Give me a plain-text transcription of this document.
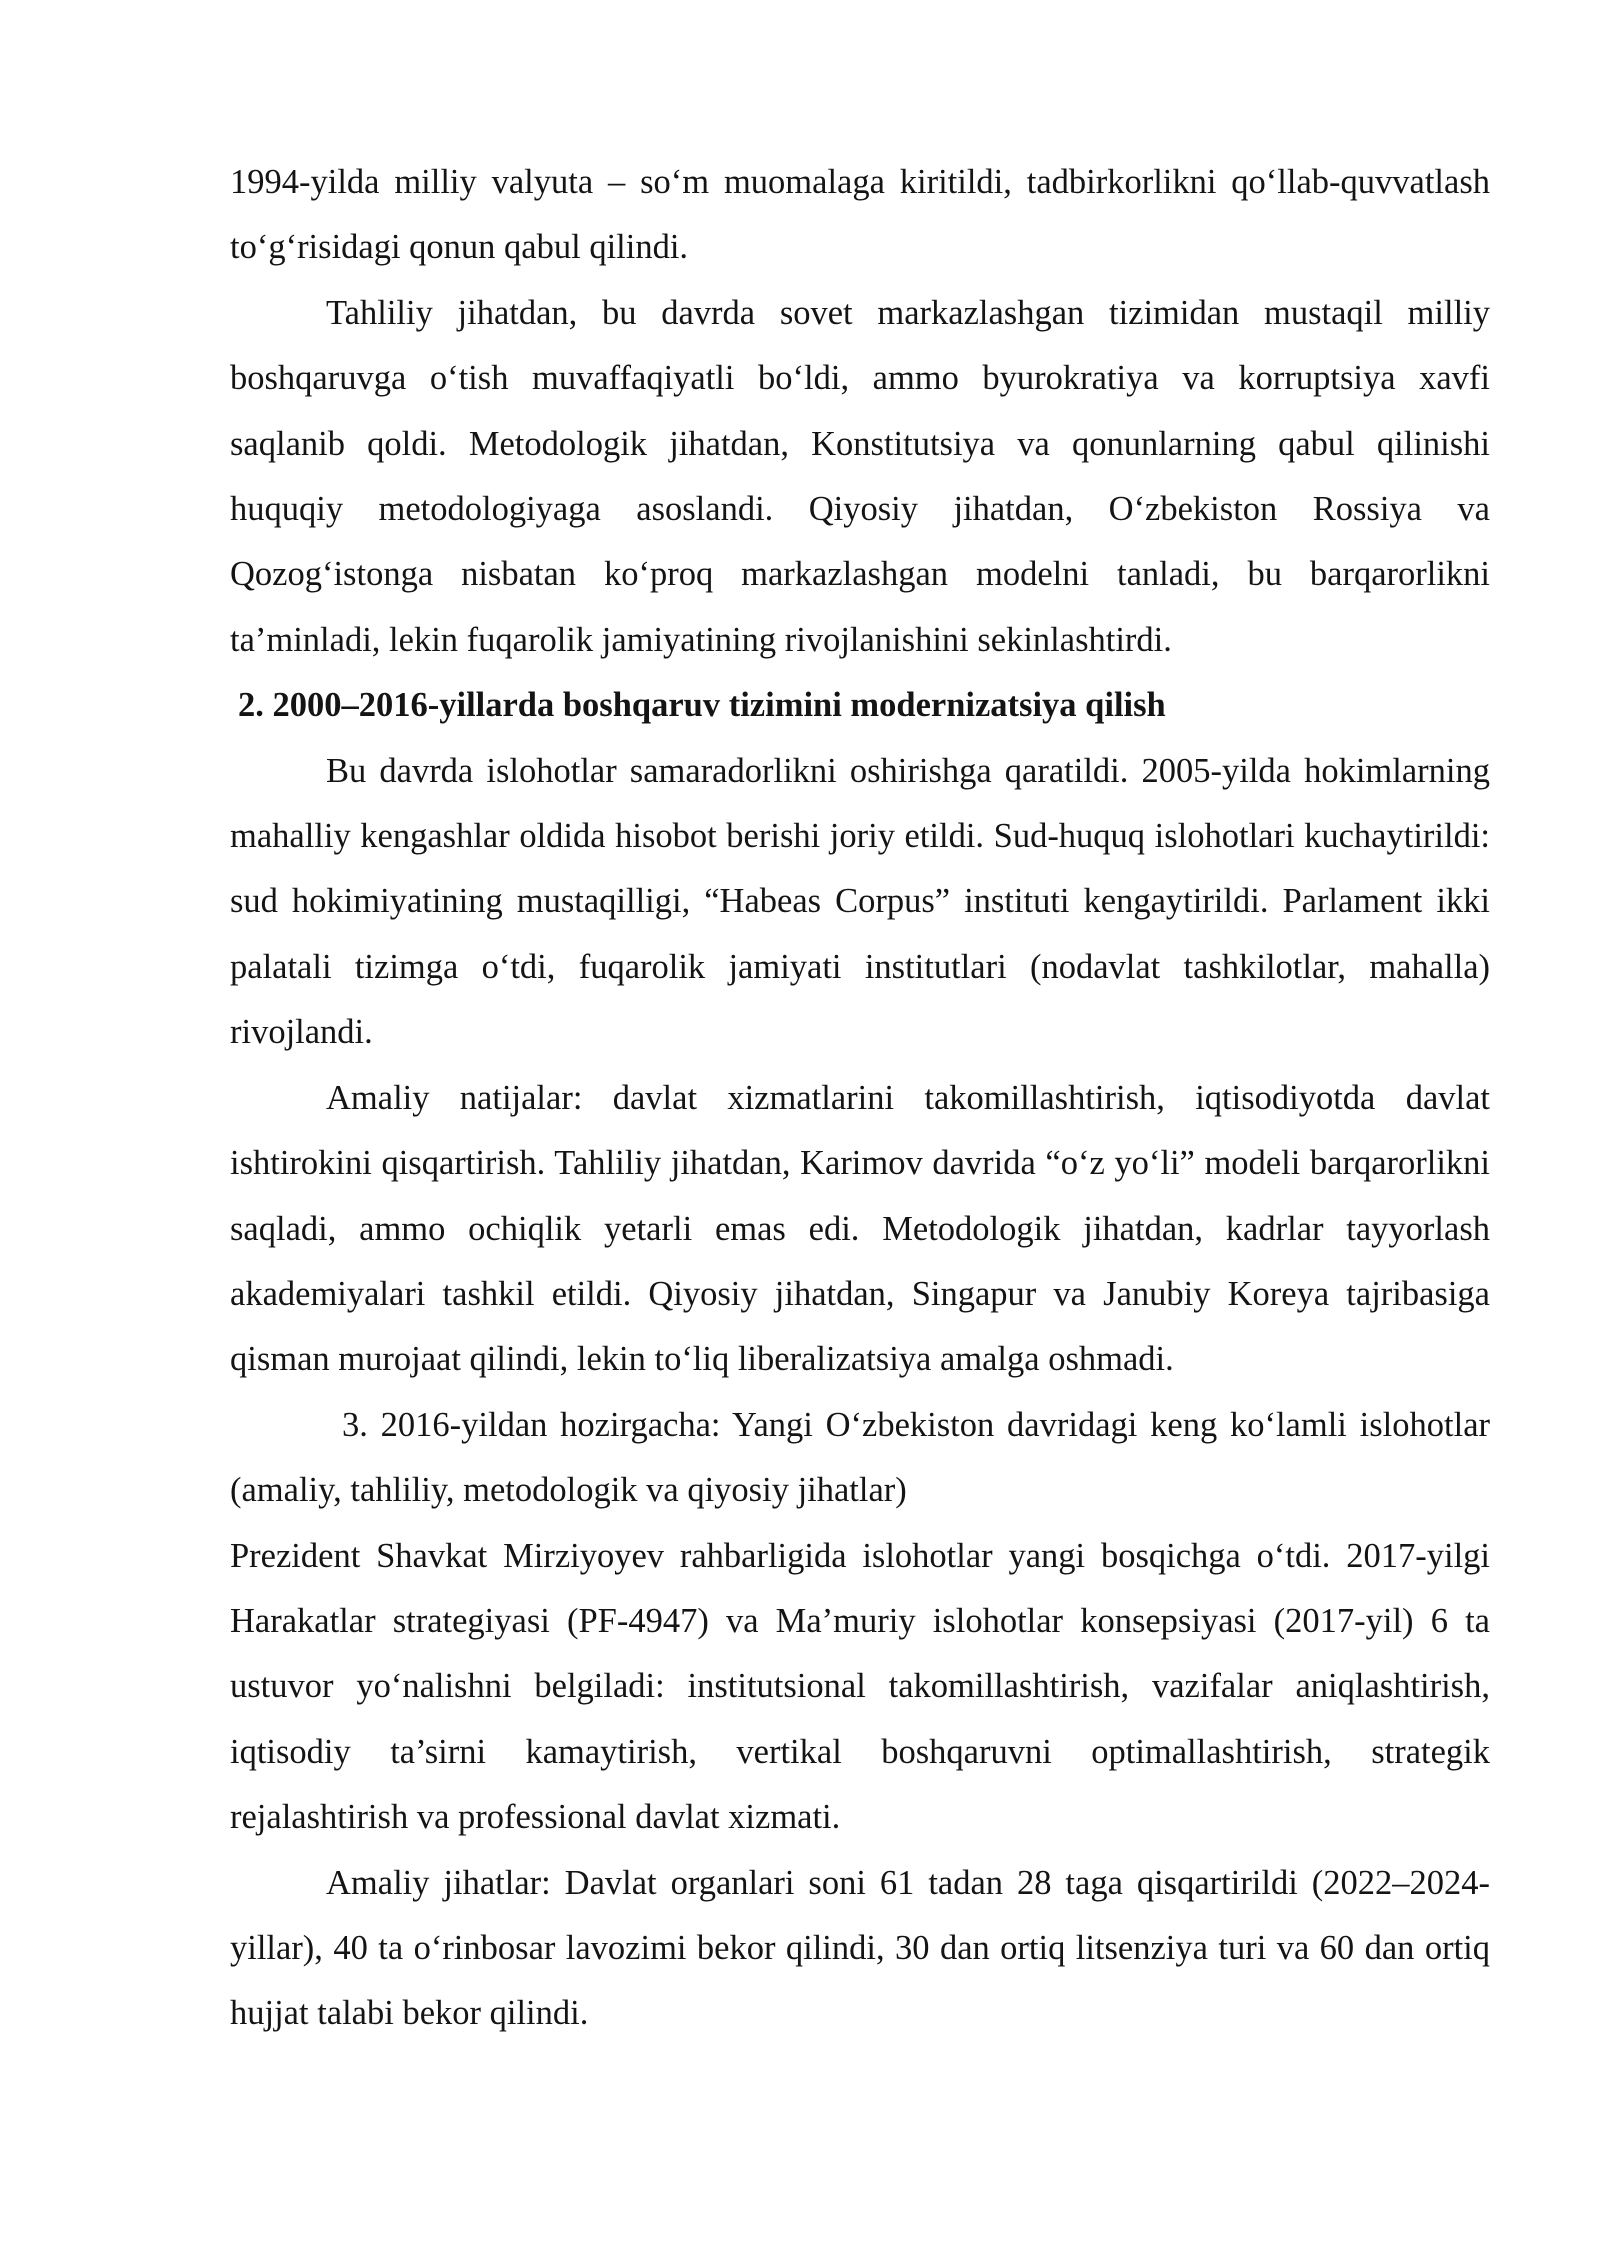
1994-yilda milliy valyuta – so‘m muomalaga kiritildi, tadbirkorlikni qo‘llab-quvvatlash to‘g‘risidagi qonun qabul qilindi.

Tahliliy jihatdan, bu davrda sovet markazlashgan tizimidan mustaqil milliy boshqaruvga o‘tish muvaffaqiyatli bo‘ldi, ammo byurokratiya va korruptsiya xavfi saqlanib qoldi. Metodologik jihatdan, Konstitutsiya va qonunlarning qabul qilinishi huquqiy metodologiyaga asoslandi. Qiyosiy jihatdan, O‘zbekiston Rossiya va Qozog‘istonga nisbatan ko‘proq markazlashgan modelni tanladi, bu barqarorlikni ta’minladi, lekin fuqarolik jamiyatining rivojlanishini sekinlashtirdi.

2. 2000–2016-yillarda boshqaruv tizimini modernizatsiya qilish

Bu davrda islohotlar samaradorlikni oshirishga qaratildi. 2005-yilda hokimlarning mahalliy kengashlar oldida hisobot berishi joriy etildi. Sud-huquq islohotlari kuchaytirildi: sud hokimiyatining mustaqilligi, “Habeas Corpus” instituti kengaytirildi. Parlament ikki palatali tizimga o‘tdi, fuqarolik jamiyati institutlari (nodavlat tashkilotlar, mahalla) rivojlandi.

Amaliy natijalar: davlat xizmatlarini takomillashtirish, iqtisodiyotda davlat ishtirokini qisqartirish. Tahliliy jihatdan, Karimov davrida “o‘z yo‘li” modeli barqarorlikni saqladi, ammo ochiqlik yetarli emas edi. Metodologik jihatdan, kadrlar tayyorlash akademiyalari tashkil etildi. Qiyosiy jihatdan, Singapur va Janubiy Koreya tajribasiga qisman murojaat qilindi, lekin to‘liq liberalizatsiya amalga oshmadi.

3. 2016-yildan hozirgacha: Yangi O‘zbekiston davridagi keng ko‘lamli islohotlar (amaliy, tahliliy, metodologik va qiyosiy jihatlar)

Prezident Shavkat Mirziyoyev rahbarligida islohotlar yangi bosqichga o‘tdi. 2017-yilgi Harakatlar strategiyasi (PF-4947) va Ma’muriy islohotlar konsepsiyasi (2017-yil) 6 ta ustuvor yo‘nalishni belgiladi: institutsional takomillashtirish, vazifalar aniqlashtirish, iqtisodiy ta’sirni kamaytirish, vertikal boshqaruvni optimallashtirish, strategik rejalashtirish va professional davlat xizmati.

Amaliy jihatlar: Davlat organlari soni 61 tadan 28 taga qisqartirildi (2022–2024-yillar), 40 ta o‘rinbosar lavozimi bekor qilindi, 30 dan ortiq litsenziya turi va 60 dan ortiq hujjat talabi bekor qilindi.
